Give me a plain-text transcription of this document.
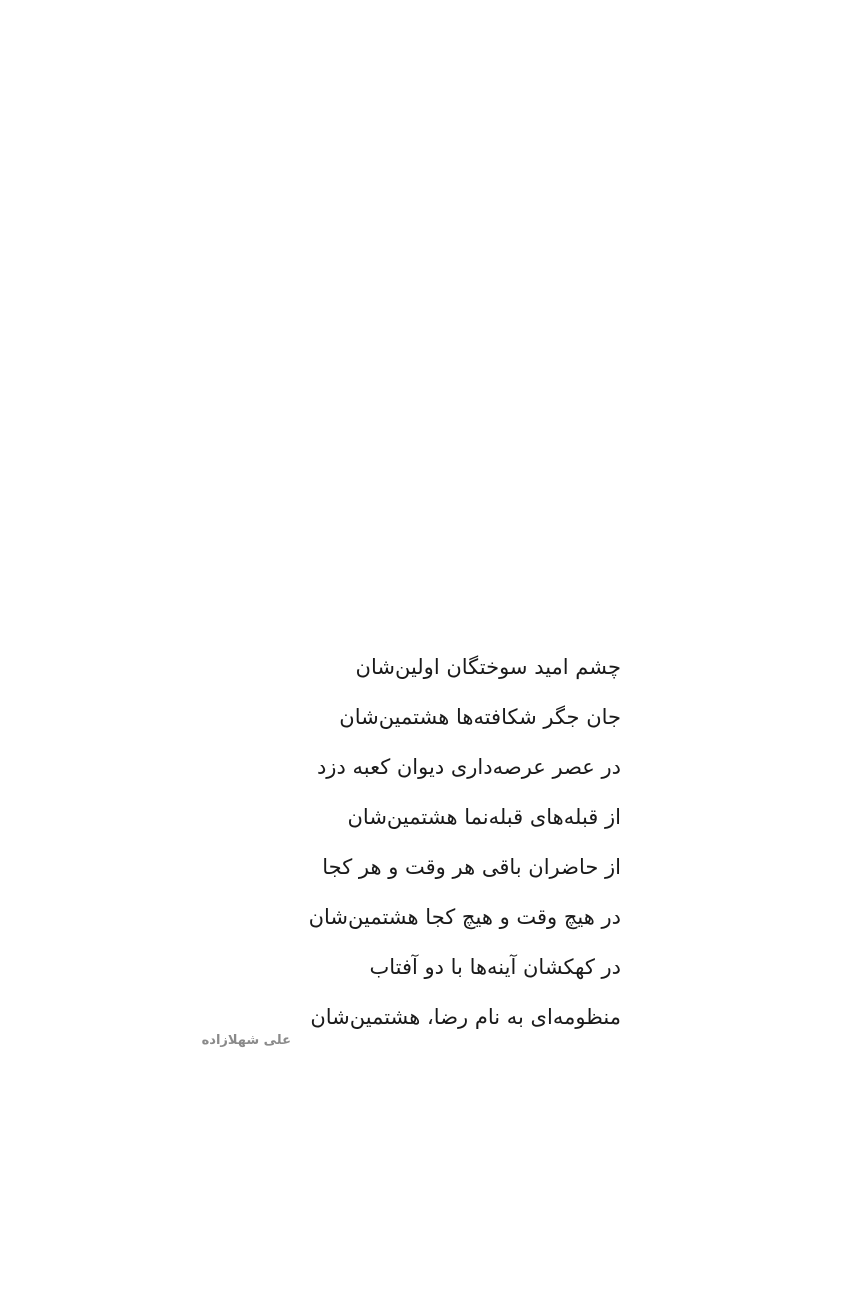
چشم امید سوختگان اولین‌شان
جان جگر شکافته‌ها هشتمین‌شان
در عصر عرصه‌داری دیوان کعبه دزد
از قبله‌های قبله‌نما هشتمین‌شان
از حاضران باقی هر وقت و هر کجا
در هیچ وقت و هیچ کجا هشتمین‌شان
در کهکشان آینه‌ها با دو آفتاب
منظومه‌ای به نام رضا، هشتمین‌شان
علی شهلازاده
